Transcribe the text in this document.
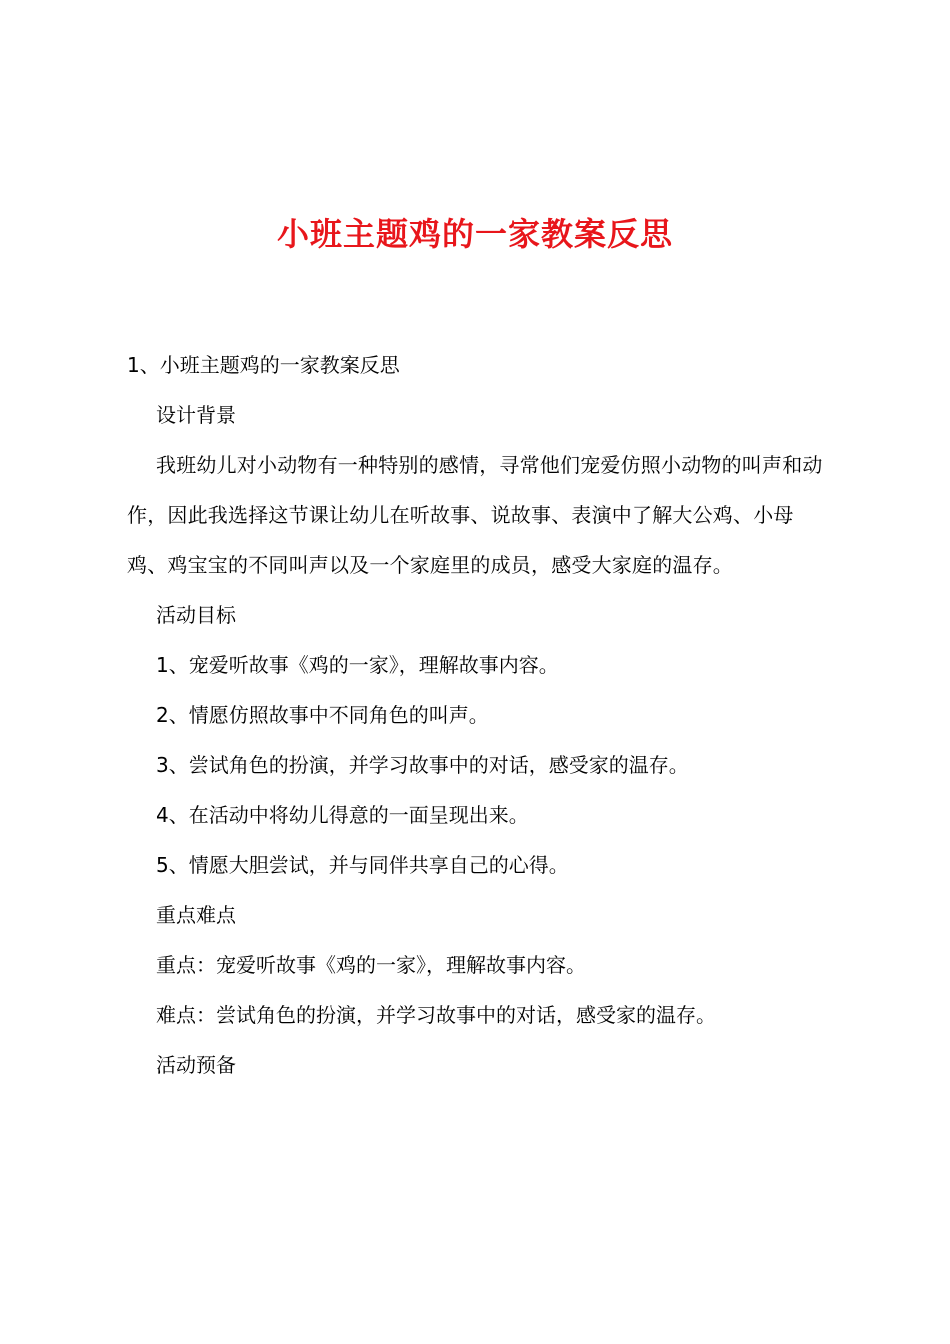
小班主题鸡的一家教案反思

1、小班主题鸡的一家教案反思

设计背景

我班幼儿对小动物有一种特别的感情，寻常他们宠爱仿照小动物的叫声和动作，因此我选择这节课让幼儿在听故事、说故事、表演中了解大公鸡、小母鸡、鸡宝宝的不同叫声以及一个家庭里的成员，感受大家庭的温存。

活动目标

1、宠爱听故事《鸡的一家》，理解故事内容。

2、情愿仿照故事中不同角色的叫声。

3、尝试角色的扮演，并学习故事中的对话，感受家的温存。

4、在活动中将幼儿得意的一面呈现出来。

5、情愿大胆尝试，并与同伴共享自己的心得。

重点难点

重点：宠爱听故事《鸡的一家》，理解故事内容。

难点：尝试角色的扮演，并学习故事中的对话，感受家的温存。

活动预备
